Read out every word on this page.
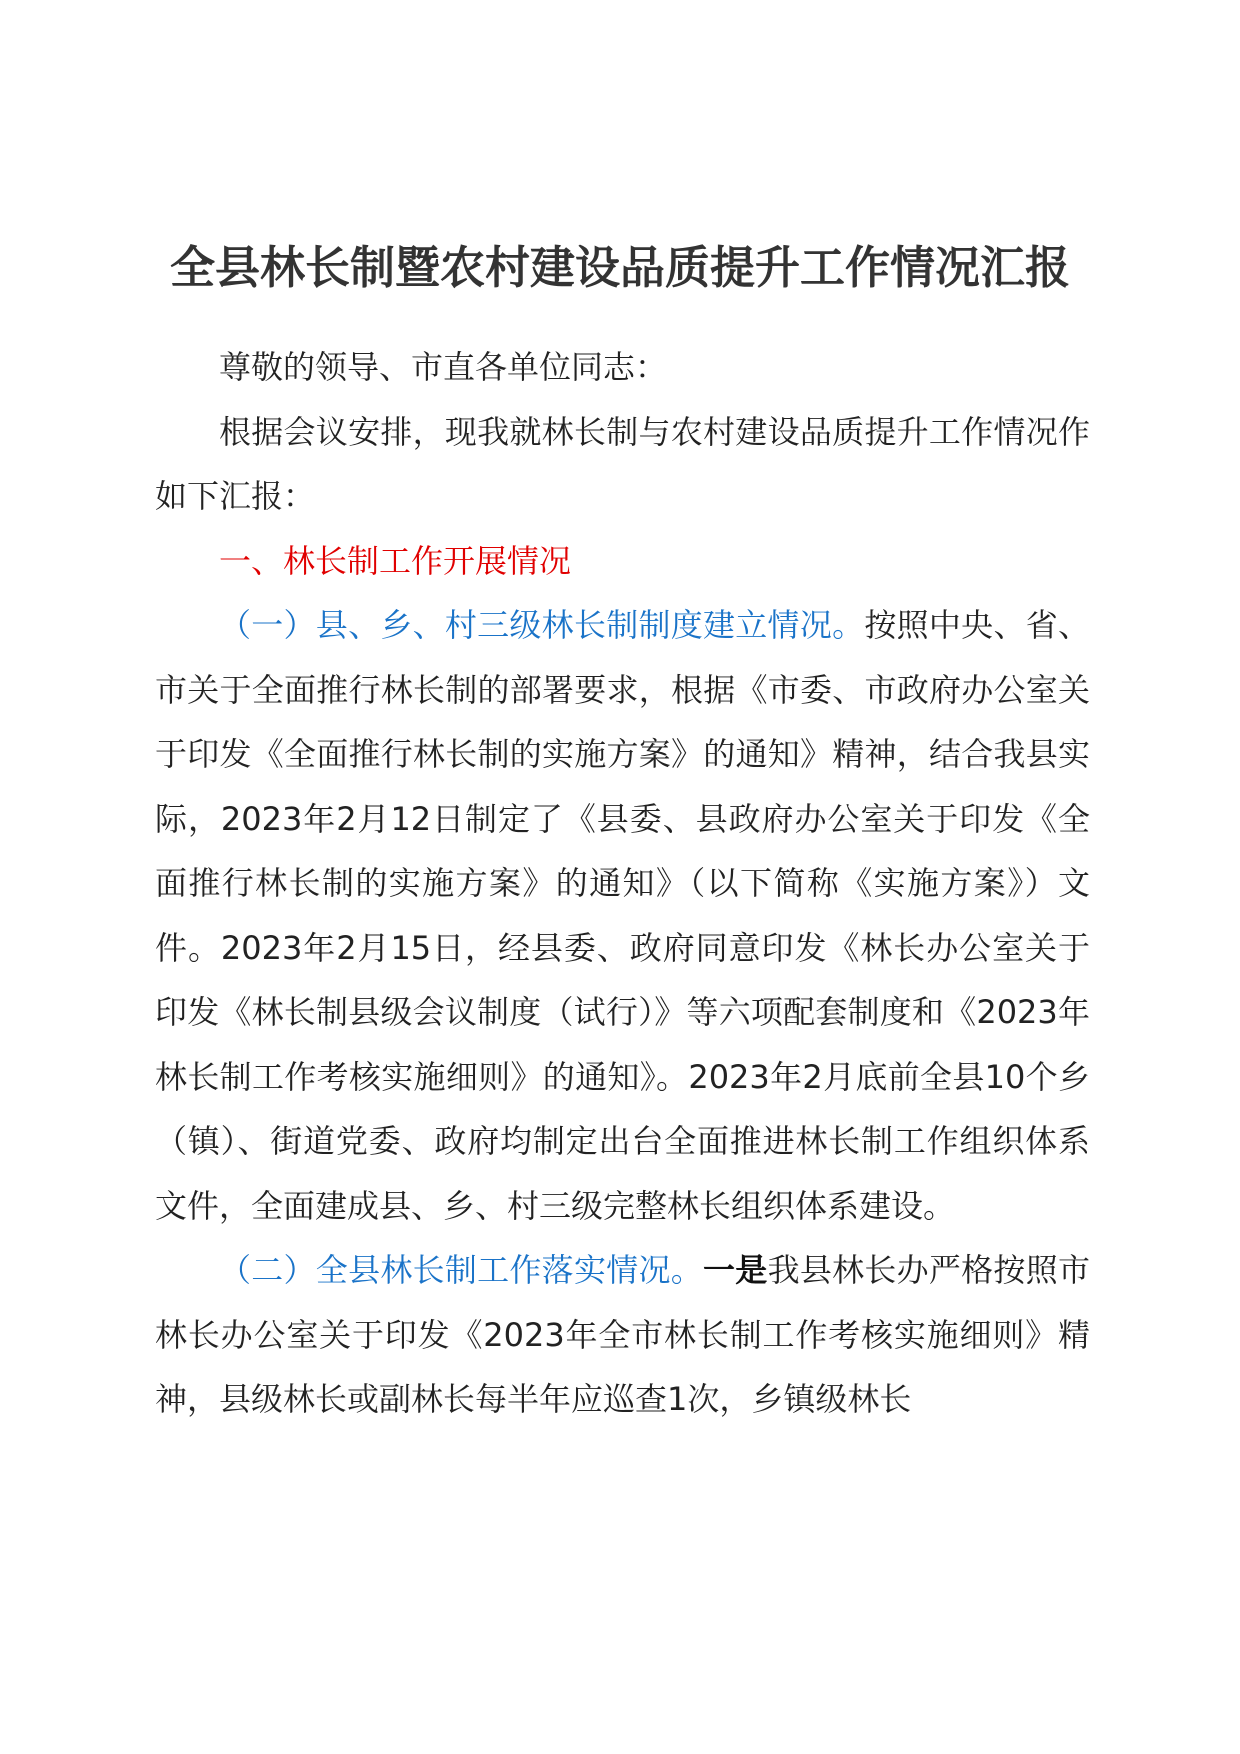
全县林长制暨农村建设品质提升工作情况汇报

尊敬的领导、市直各单位同志：

根据会议安排，现我就林长制与农村建设品质提升工作情况作如下汇报：

一、林长制工作开展情况

（一）县、乡、村三级林长制制度建立情况。按照中央、省、市关于全面推行林长制的部署要求，根据《市委、市政府办公室关于印发《全面推行林长制的实施方案》的通知》精神，结合我县实际，2023年2月12日制定了《县委、县政府办公室关于印发《全面推行林长制的实施方案》的通知》（以下简称《实施方案》）文件。2023年2月15日，经县委、政府同意印发《林长办公室关于印发《林长制县级会议制度（试行）》等六项配套制度和《2023年林长制工作考核实施细则》的通知》。2023年2月底前全县10个乡（镇）、街道党委、政府均制定出台全面推进林长制工作组织体系文件，全面建成县、乡、村三级完整林长组织体系建设。

（二）全县林长制工作落实情况。一是我县林长办严格按照市林长办公室关于印发《2023年全市林长制工作考核实施细则》精神，县级林长或副林长每半年应巡查1次，乡镇级林长
